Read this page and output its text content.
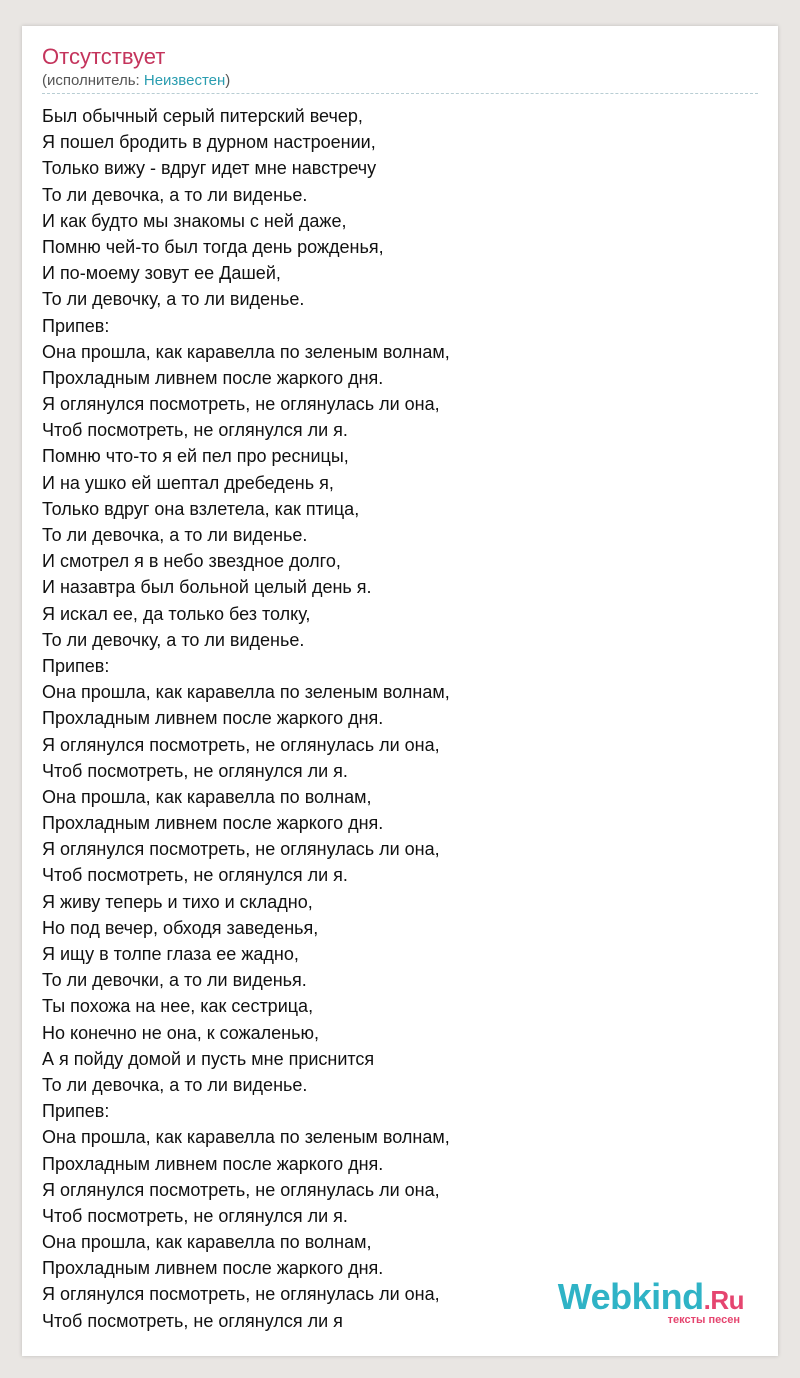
Отсутствует
(исполнитель: Неизвестен)
Был обычный серый питерский вечер,
Я пошел бродить в дурном настроении,
Только вижу - вдруг идет мне навстречу
То ли девочка, а то ли виденье.
И как будто мы знакомы с ней даже,
Помню чей-то был тогда день рожденья,
И по-моему зовут ее Дашей,
То ли девочку, а то ли виденье.
Припев:
Она прошла, как каравелла по зеленым волнам,
Прохладным ливнем после жаркого дня.
Я оглянулся посмотреть, не оглянулась ли она,
Чтоб посмотреть, не оглянулся ли я.
Помню что-то я ей пел про ресницы,
И на ушко ей шептал дребедень я,
Только вдруг она взлетела, как птица,
То ли девочка, а то ли виденье.
И смотрел я в небо звездное долго,
И назавтра был больной целый день я.
Я искал ее, да только без толку,
То ли девочку, а то ли виденье.
Припев:
Она прошла, как каравелла по зеленым волнам,
Прохладным ливнем после жаркого дня.
Я оглянулся посмотреть, не оглянулась ли она,
Чтоб посмотреть, не оглянулся ли я.
Она прошла, как каравелла по волнам,
Прохладным ливнем после жаркого дня.
Я оглянулся посмотреть, не оглянулась ли она,
Чтоб посмотреть, не оглянулся ли я.
Я живу теперь и тихо и складно,
Но под вечер, обходя заведенья,
Я ищу в толпе глаза ее жадно,
То ли девочки, а то ли виденья.
Ты похожа на нее, как сестрица,
Но конечно не она, к сожаленью,
А я пойду домой и пусть мне приснится
То ли девочка, а то ли виденье.
Припев:
Она прошла, как каравелла по зеленым волнам,
Прохладным ливнем после жаркого дня.
Я оглянулся посмотреть, не оглянулась ли она,
Чтоб посмотреть, не оглянулся ли я.
Она прошла, как каравелла по волнам,
Прохладным ливнем после жаркого дня.
Я оглянулся посмотреть, не оглянулась ли она,
Чтоб посмотреть, не оглянулся ли я
Webkind.Ru
тексты песен
